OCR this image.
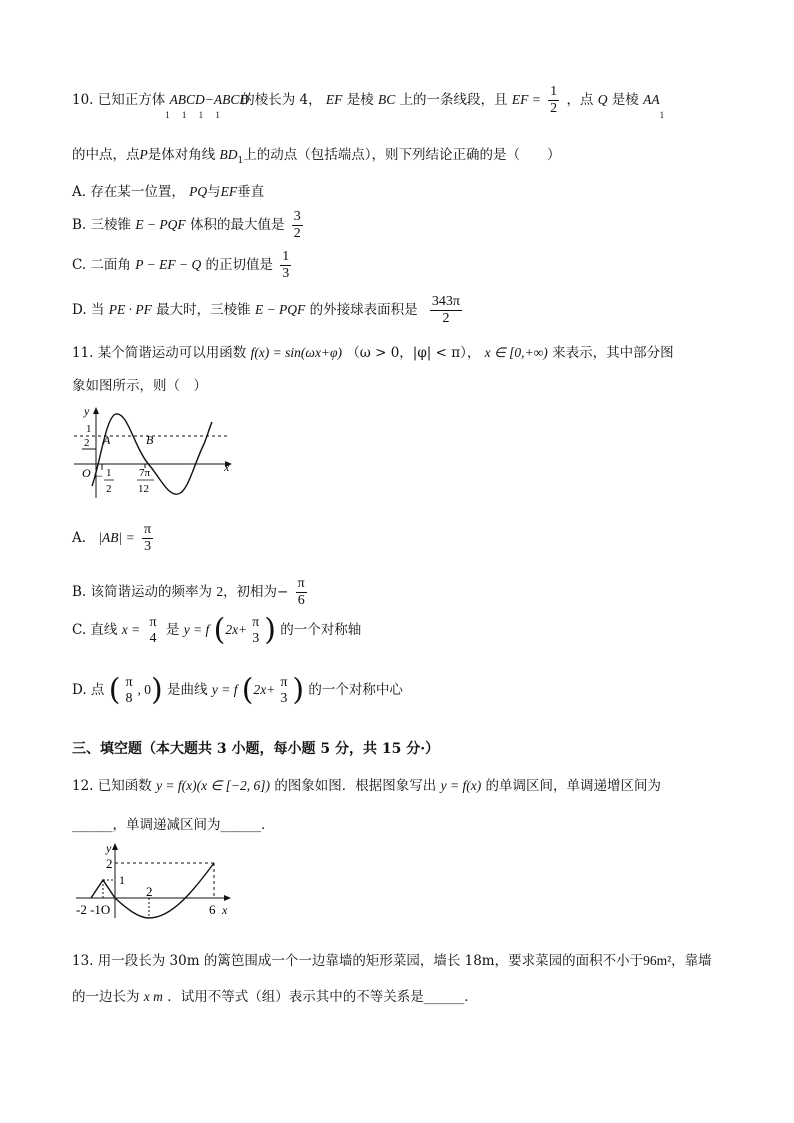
10. 已知正方体 $ABCD-ABCD_{1 1 1 1}$ 的棱长为 4， EF 是棱 BC 上的一条线段，且 EF = $\frac{1}{2}$ ，点 Q 是棱 $AA_1$
的中点，点P是体对角线 $BD_1$上的动点（包括端点），则下列结论正确的是（　　）
A. 存在某一位置， PQ与EF垂直
B. 三棱锥 E − PQF 体积的最大值是 $\frac{3}{2}$
C. 二面角 P − EF − Q 的正切值是 $\frac{1}{3}$
D. 当 PE · PF 最大时，三棱锥 E − PQF 的外接球表面积是 $\frac{343\pi}{2}$
11. 某个简谐运动可以用函数 f(x) = sin(ωx+φ) （ω > 0，|φ| < π）， x ∈ [0,+∞) 来表示，其中部分图
象如图所示，则（　）
y
1
2 A	B
O − 1
2
7π
12
x
A. $|AB| = \frac{\pi}{3}$
B. 该简谐运动的频率为 2，初相为− $\frac{\pi}{6}$
C. 直线 x = π
4 是 y = f (2x+ π
3 ) 的一个对称轴
D. 点 ( π
8
, 0) 是曲线 y = f (2x+ π
3 ) 的一个对称中心
三、填空题（本大题共 3 小题，每小题 5 分，共 15 分·）
12. 已知函数 y = f(x)(x ∈ [−2, 6]) 的图象如图．根据图象写出 y = f(x) 的单调区间，单调递增区间为
______，单调递减区间为______．
y
2
1
-2 -1O
2
6 x
13. 用一段长为 30m 的篱笆围成一个一边靠墙的矩形菜园，墙长 18m，要求菜园的面积不小于96m²，靠墙
的一边长为 x m ．试用不等式（组）表示其中的不等关系是______．
